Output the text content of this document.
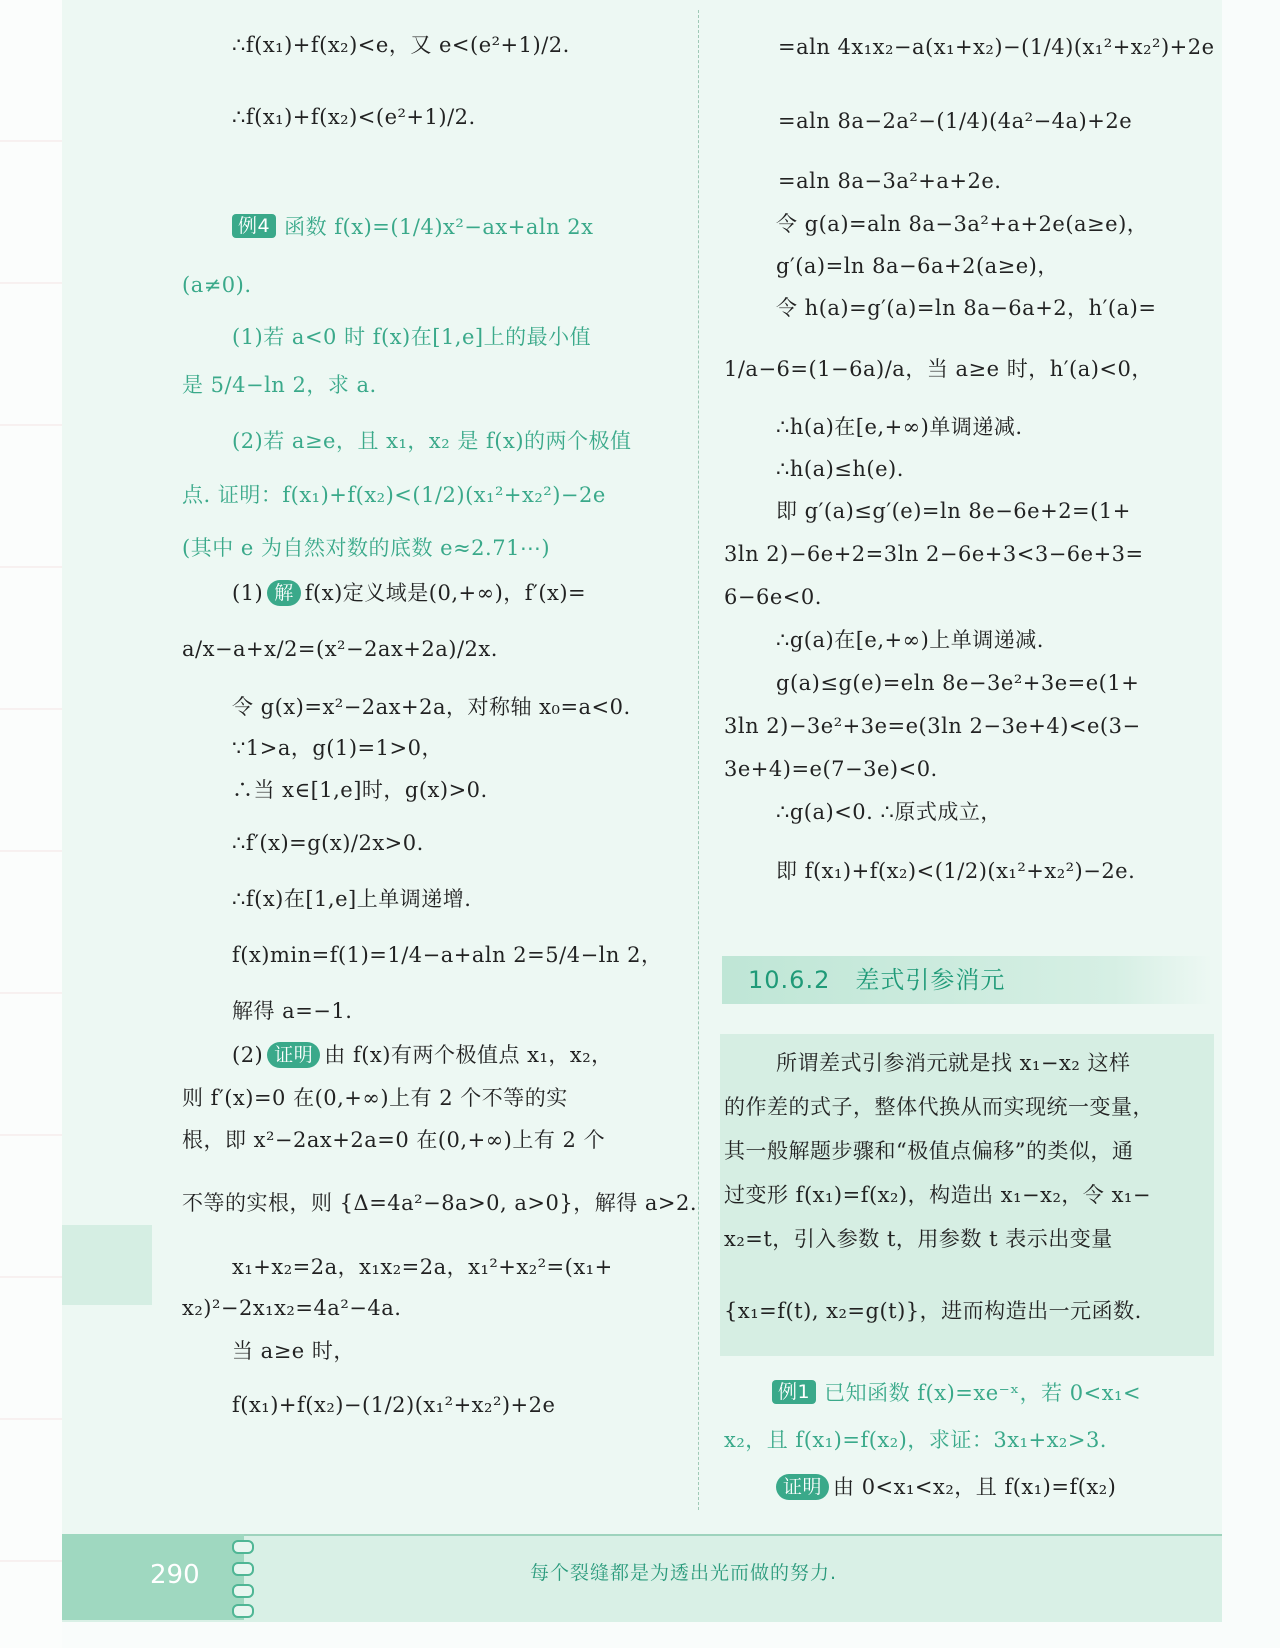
∴f(x₁)+f(x₂)<e，又 e<(e²+1)/2.
∴f(x₁)+f(x₂)<(e²+1)/2.
例4 函数 f(x)=(1/4)x²−ax+aln 2x
(a≠0).
(1)若 a<0 时 f(x)在[1,e]上的最小值
是 5/4−ln 2，求 a.
(2)若 a≥e，且 x₁，x₂ 是 f(x)的两个极值
点. 证明：f(x₁)+f(x₂)<(1/2)(x₁²+x₂²)−2e
(其中 e 为自然对数的底数 e≈2.71⋯)
(1) 解 f(x)定义域是(0,+∞)，f′(x)=
a/x−a+x/2=(x²−2ax+2a)/2x.
令 g(x)=x²−2ax+2a，对称轴 x₀=a<0.
∵1>a，g(1)=1>0，
∴当 x∈[1,e]时，g(x)>0.
∴f′(x)=g(x)/2x>0.
∴f(x)在[1,e]上单调递增.
f(x)min=f(1)=1/4−a+aln 2=5/4−ln 2，
解得 a=−1.
(2) 证明 由 f(x)有两个极值点 x₁，x₂，
则 f′(x)=0 在(0,+∞)上有 2 个不等的实
根，即 x²−2ax+2a=0 在(0,+∞)上有 2 个
不等的实根，则 {Δ=4a²−8a>0, a>0}，解得 a>2.
x₁+x₂=2a，x₁x₂=2a，x₁²+x₂²=(x₁+
x₂)²−2x₁x₂=4a²−4a.
当 a≥e 时，
f(x₁)+f(x₂)−(1/2)(x₁²+x₂²)+2e
=aln 4x₁x₂−a(x₁+x₂)−(1/4)(x₁²+x₂²)+2e
=aln 8a−2a²−(1/4)(4a²−4a)+2e
=aln 8a−3a²+a+2e.
令 g(a)=aln 8a−3a²+a+2e(a≥e)，
g′(a)=ln 8a−6a+2(a≥e)，
令 h(a)=g′(a)=ln 8a−6a+2，h′(a)=
1/a−6=(1−6a)/a，当 a≥e 时，h′(a)<0，
∴h(a)在[e,+∞)单调递减.
∴h(a)≤h(e).
即 g′(a)≤g′(e)=ln 8e−6e+2=(1+
3ln 2)−6e+2=3ln 2−6e+3<3−6e+3=
6−6e<0.
∴g(a)在[e,+∞)上单调递减.
g(a)≤g(e)=eln 8e−3e²+3e=e(1+
3ln 2)−3e²+3e=e(3ln 2−3e+4)<e(3−
3e+4)=e(7−3e)<0.
∴g(a)<0. ∴原式成立，
即 f(x₁)+f(x₂)<(1/2)(x₁²+x₂²)−2e.
10.6.2　差式引参消元
所谓差式引参消元就是找 x₁−x₂ 这样
的作差的式子，整体代换从而实现统一变量，
其一般解题步骤和“极值点偏移”的类似，通
过变形 f(x₁)=f(x₂)，构造出 x₁−x₂，令 x₁−
x₂=t，引入参数 t，用参数 t 表示出变量
{x₁=f(t), x₂=g(t)}，进而构造出一元函数.
例1 已知函数 f(x)=xe⁻ˣ，若 0<x₁<
x₂，且 f(x₁)=f(x₂)，求证：3x₁+x₂>3.
证明 由 0<x₁<x₂，且 f(x₁)=f(x₂)
290	每个裂缝都是为透出光而做的努力.
